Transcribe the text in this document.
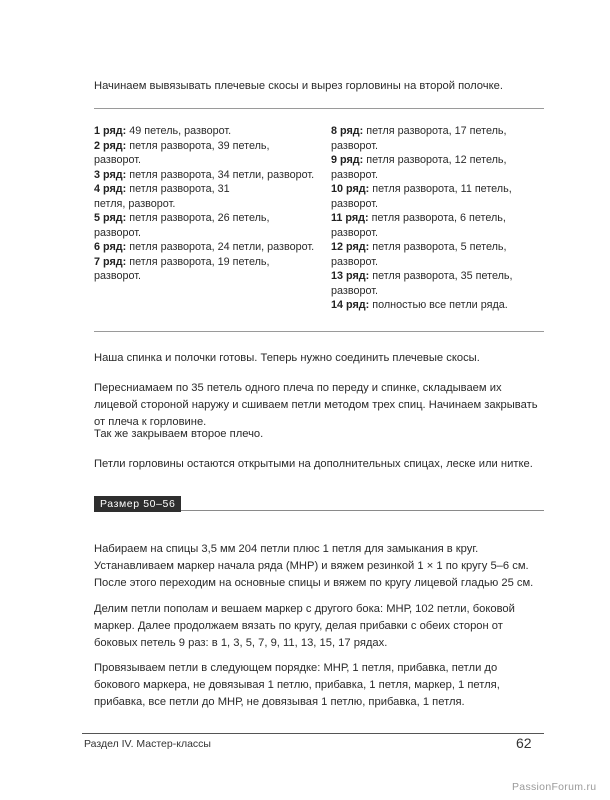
Начинаем вывязывать плечевые скосы и вырез горловины на второй полочке.
1 ряд: 49 петель, разворот.
2 ряд: петля разворота, 39 петель, разворот.
3 ряд: петля разворота, 34 петли, разворот.
4 ряд: петля разворота, 31 петля, разворот.
5 ряд: петля разворота, 26 петель, разворот.
6 ряд: петля разворота, 24 петли, разворот.
7 ряд: петля разворота, 19 петель, разворот.
8 ряд: петля разворота, 17 петель, разворот.
9 ряд: петля разворота, 12 петель, разворот.
10 ряд: петля разворота, 11 петель, разворот.
11 ряд: петля разворота, 6 петель, разворот.
12 ряд: петля разворота, 5 петель, разворот.
13 ряд: петля разворота, 35 петель, разворот.
14 ряд: полностью все петли ряда.
Наша спинка и полочки готовы. Теперь нужно соединить плечевые скосы.
Пересниамаем по 35 петель одного плеча по переду и спинке, складываем их лицевой стороной наружу и сшиваем петли методом трех спиц. Начинаем закрывать от плеча к горловине.
Так же закрываем второе плечо.
Петли горловины остаются открытыми на дополнительных спицах, леске или нитке.
Размер 50–56
Набираем на спицы 3,5 мм 204 петли плюс 1 петля для замыкания в круг. Устанавливаем маркер начала ряда (МНР) и вяжем резинкой 1 × 1 по кругу 5–6 см. После этого переходим на основные спицы и вяжем по кругу лицевой гладью 25 см.
Делим петли пополам и вешаем маркер с другого бока: МНР, 102 петли, боковой маркер. Далее продолжаем вязать по кругу, делая прибавки с обеих сторон от боковых петель 9 раз: в 1, 3, 5, 7, 9, 11, 13, 15, 17 рядах.
Провязываем петли в следующем порядке: МНР, 1 петля, прибавка, петли до бокового маркера, не довязывая 1 петлю, прибавка, 1 петля, маркер, 1 петля, прибавка, все петли до МНР, не довязывая 1 петлю, прибавка, 1 петля.
Раздел IV. Мастер-классы	62
PassionForum.ru
